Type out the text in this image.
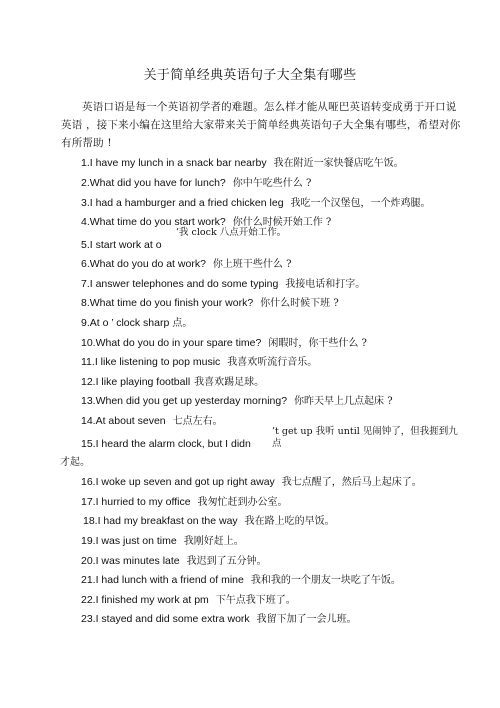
关于简单经典英语句子大全集有哪些
英语口语是每一个英语初学者的难题。怎么样才能从哑巴英语转变成勇于开口说
英语 ，接下来小编在这里给大家带来关于简单经典英语句子大全集有哪些，希望对你
有所帮助 !
1.I have my lunch in a snack bar nearby 我在附近一家快餐店吃午饭。
2.What did you have for lunch? 你中午吃些什么 ?
3.I had a hamburger and a fried chicken leg 我吃一个汉堡包，一个炸鸡腿。
4.What time do you start work? 你什么时候开始工作 ?
’我 clock 八点开始工作。
5.I start work at o
6.What do you do at work? 你上班干些什么 ?
7.I answer telephones and do some typing 我接电话和打字。
8.What time do you finish your work? 你什么时候下班 ?
9.At o ’ clock sharp 点。
10.What do you do in your spare time? 闲暇时，你干些什么 ?
11.I like listening to pop music 我喜欢听流行音乐。
12.I like playing football 我喜欢踢足球。
13.When did you get up yesterday morning? 你昨天早上几点起床 ?
14.At about seven 七点左右。
’t get up 我听 until 见闹钟了，但我捱到九
点
15.I heard the alarm clock, but I didn
才起。
16.I woke up seven and got up right away 我七点醒了，然后马上起床了。
17.I hurried to my office 我匆忙赶到办公室。
18.I had my breakfast on the way 我在路上吃的早饭。
19.I was just on time 我刚好赶上。
20.I was minutes late 我迟到了五分钟。
21.I had lunch with a friend of mine 我和我的一个朋友一块吃了午饭。
22.I finished my work at pm 下午点我下班了。
23.I stayed and did some extra work 我留下加了一会儿班。
